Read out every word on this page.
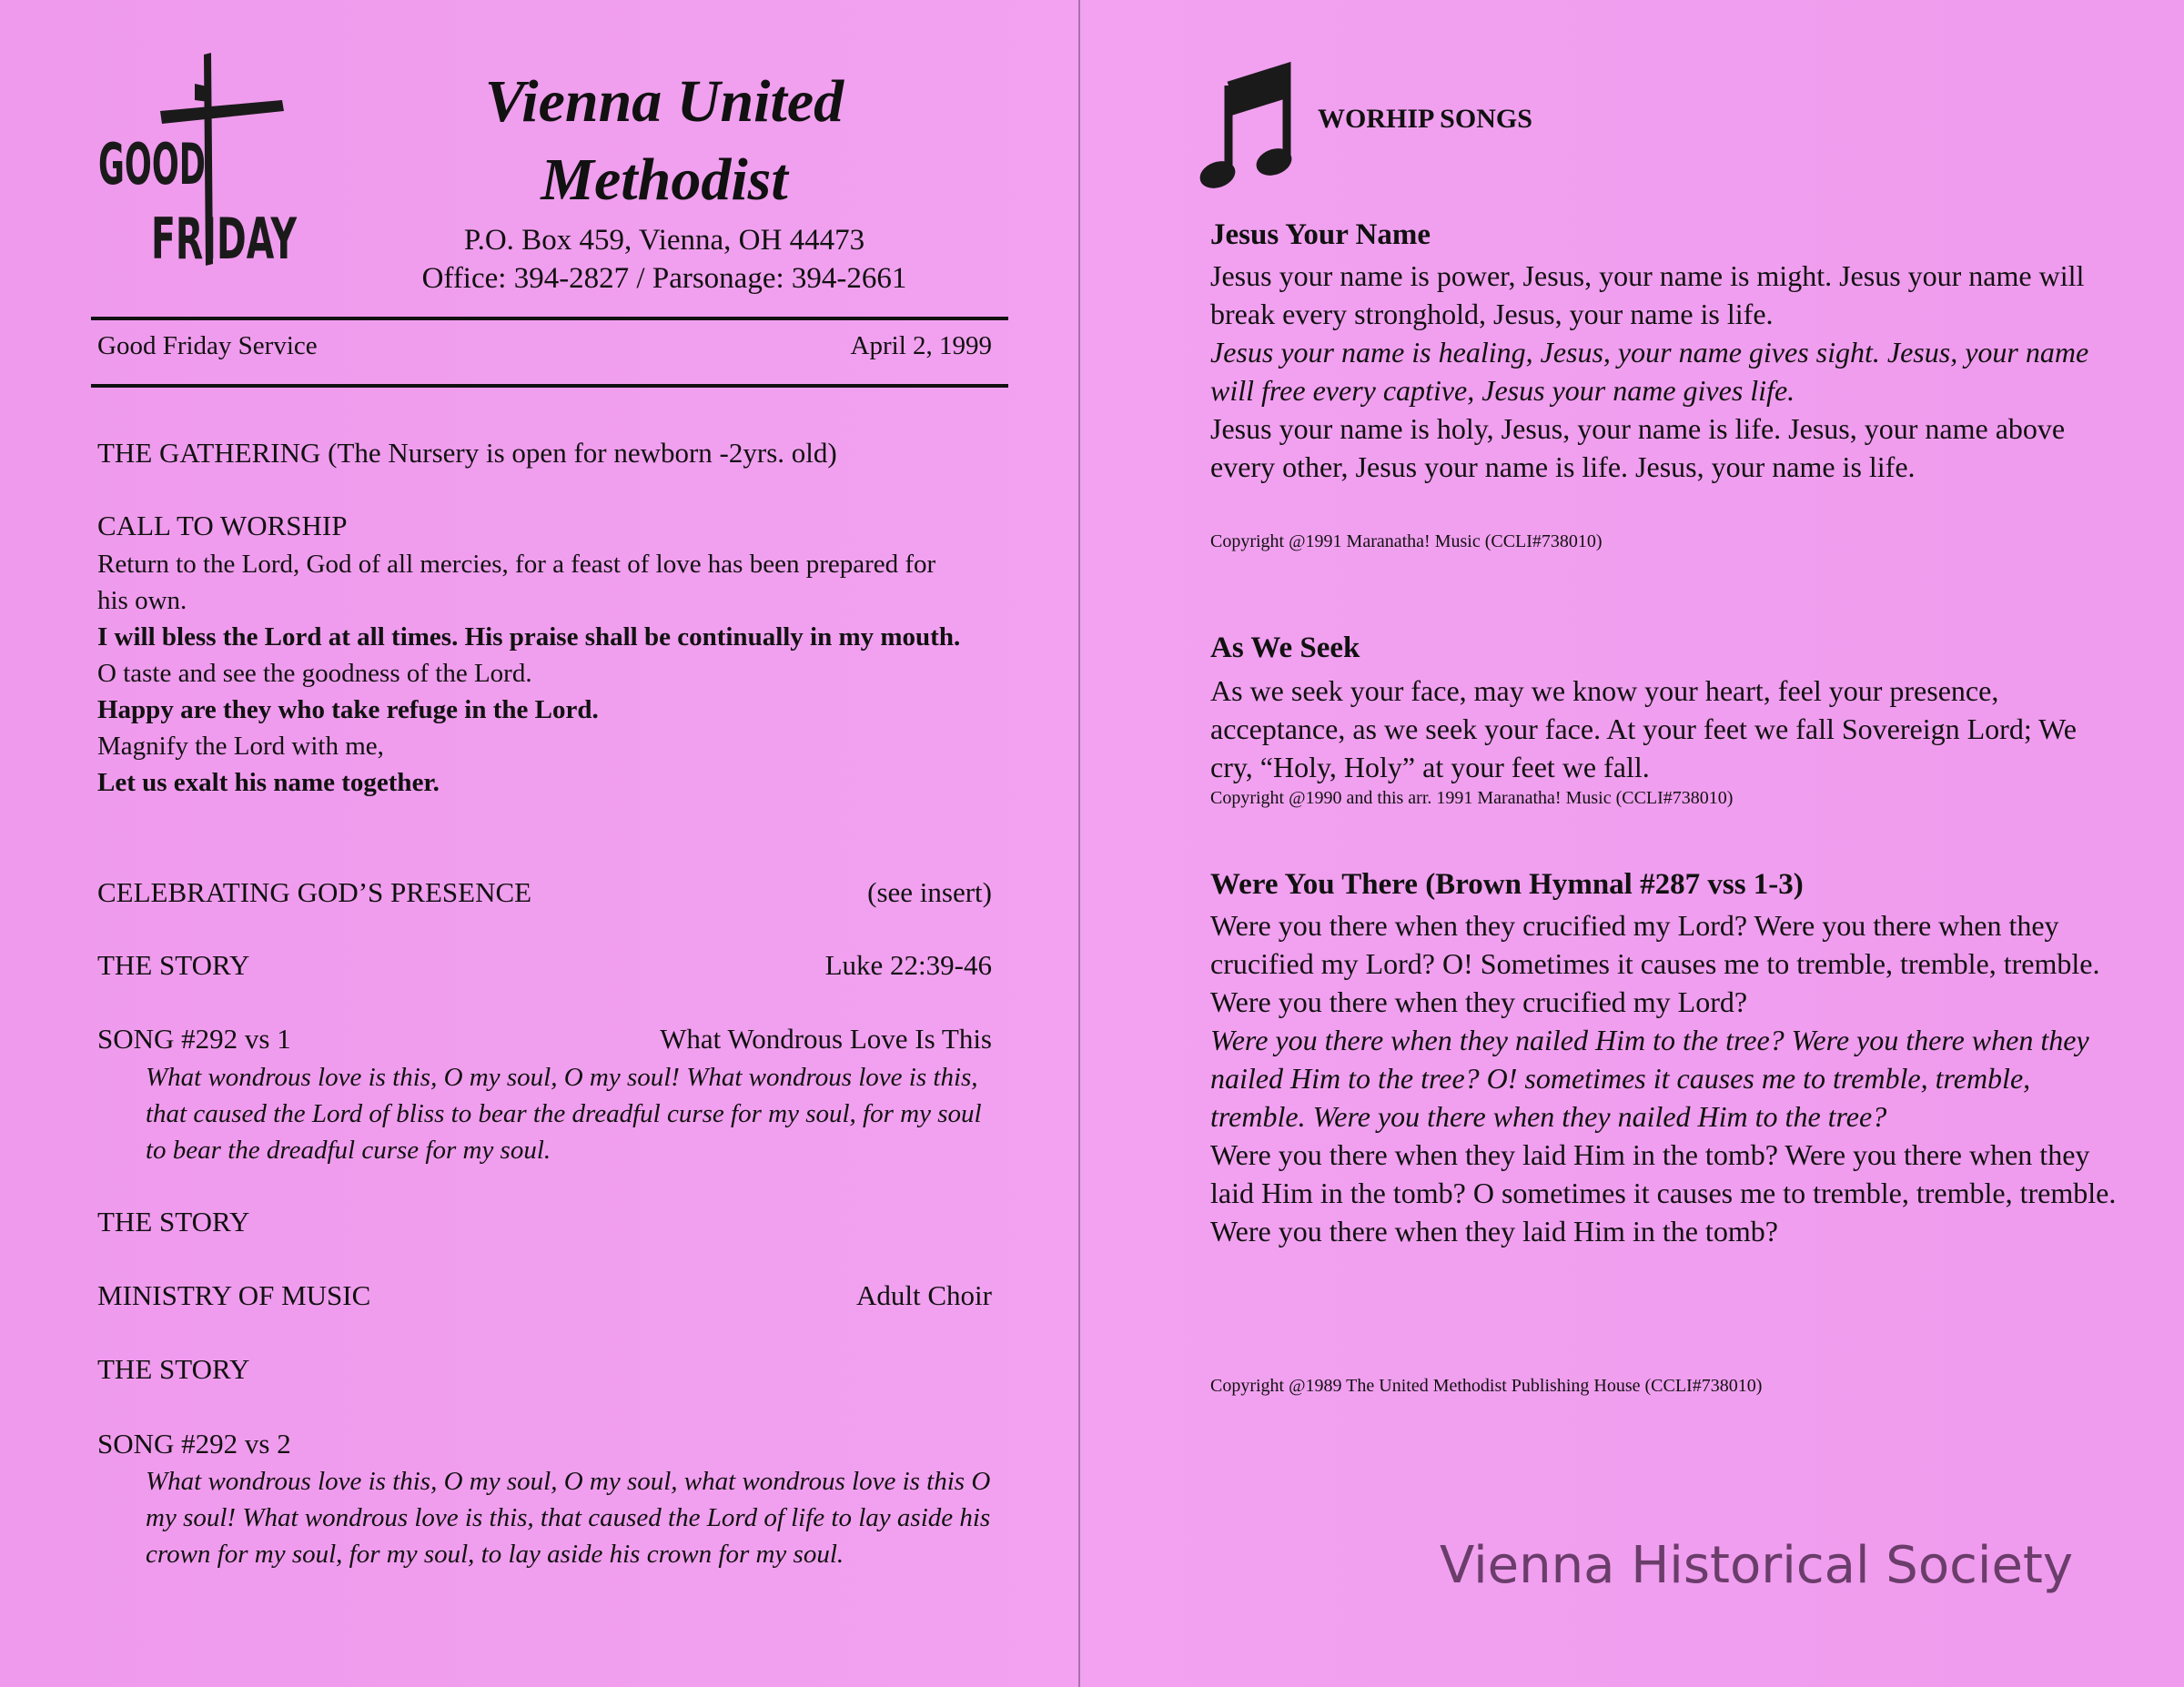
GOOD
FRIDAY
Vienna United
Methodist
P.O. Box 459, Vienna, OH 44473
Office: 394-2827 / Parsonage: 394-2661
Good Friday Service	April 2, 1999
THE GATHERING (The Nursery is open for newborn -2yrs. old)
CALL TO WORSHIP
Return to the Lord, God of all mercies, for a feast of love has been prepared for his own.
I will bless the Lord at all times. His praise shall be continually in my mouth.
O taste and see the goodness of the Lord.
Happy are they who take refuge in the Lord.
Magnify the Lord with me,
Let us exalt his name together.
CELEBRATING GOD’S PRESENCE	(see insert)
THE STORY	Luke 22:39-46
SONG #292 vs 1	What Wondrous Love Is This
What wondrous love is this, O my soul, O my soul! What wondrous love is this, that caused the Lord of bliss to bear the dreadful curse for my soul, for my soul to bear the dreadful curse for my soul.
THE STORY
MINISTRY OF MUSIC	Adult Choir
THE STORY
SONG #292 vs 2
What wondrous love is this, O my soul, O my soul, what wondrous love is this O my soul! What wondrous love is this, that caused the Lord of life to lay aside his crown for my soul, for my soul, to lay aside his crown for my soul.
WORHIP SONGS
Jesus Your Name
Jesus your name is power, Jesus, your name is might. Jesus your name will break every stronghold, Jesus, your name is life.
Jesus your name is healing, Jesus, your name gives sight. Jesus, your name will free every captive, Jesus your name gives life.
Jesus your name is holy, Jesus, your name is life. Jesus, your name above every other, Jesus your name is life. Jesus, your name is life.
Copyright @1991 Maranatha! Music (CCLI#738010)
As We Seek
As we seek your face, may we know your heart, feel your presence, acceptance, as we seek your face. At your feet we fall Sovereign Lord; We cry, “Holy, Holy” at your feet we fall.
Copyright @1990 and this arr. 1991 Maranatha! Music (CCLI#738010)
Were You There (Brown Hymnal #287 vss 1-3)
Were you there when they crucified my Lord? Were you there when they crucified my Lord? O! Sometimes it causes me to tremble, tremble, tremble. Were you there when they crucified my Lord?
Were you there when they nailed Him to the tree? Were you there when they nailed Him to the tree? O! sometimes it causes me to tremble, tremble, tremble. Were you there when they nailed Him to the tree?
Were you there when they laid Him in the tomb? Were you there when they laid Him in the tomb? O sometimes it causes me to tremble, tremble, tremble. Were you there when they laid Him in the tomb?
Copyright @1989 The United Methodist Publishing House (CCLI#738010)
Vienna Historical Society
